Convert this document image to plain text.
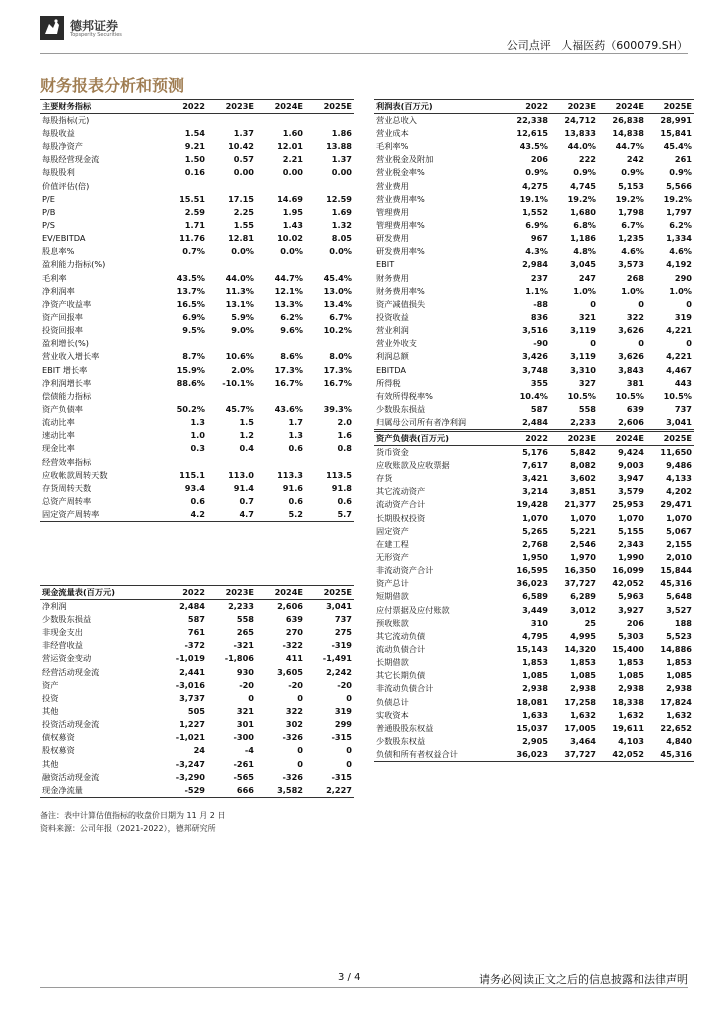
德邦证券
Topsperity Securities
公司点评 人福医药（600079.SH）
财务报表分析和预测
主要财务指标	2022	2023E	2024E	2025E
每股指标(元)				
每股收益	1.54	1.37	1.60	1.86
每股净资产	9.21	10.42	12.01	13.88
每股经营现金流	1.50	0.57	2.21	1.37
每股股利	0.16	0.00	0.00	0.00
价值评估(倍)				
P/E	15.51	17.15	14.69	12.59
P/B	2.59	2.25	1.95	1.69
P/S	1.71	1.55	1.43	1.32
EV/EBITDA	11.76	12.81	10.02	8.05
股息率%	0.7%	0.0%	0.0%	0.0%
盈利能力指标(%)				
毛利率	43.5%	44.0%	44.7%	45.4%
净利润率	13.7%	11.3%	12.1%	13.0%
净资产收益率	16.5%	13.1%	13.3%	13.4%
资产回报率	6.9%	5.9%	6.2%	6.7%
投资回报率	9.5%	9.0%	9.6%	10.2%
盈利增长(%)				
营业收入增长率	8.7%	10.6%	8.6%	8.0%
EBIT 增长率	15.9%	2.0%	17.3%	17.3%
净利润增长率	88.6%	-10.1%	16.7%	16.7%
偿债能力指标				
资产负债率	50.2%	45.7%	43.6%	39.3%
流动比率	1.3	1.5	1.7	2.0
速动比率	1.0	1.2	1.3	1.6
现金比率	0.3	0.4	0.6	0.8
经营效率指标				
应收帐款周转天数	115.1	113.0	113.3	113.5
存货周转天数	93.4	91.4	91.6	91.8
总资产周转率	0.6	0.7	0.6	0.6
固定资产周转率	4.2	4.7	5.2	5.7
利润表(百万元)	2022	2023E	2024E	2025E
营业总收入	22,338	24,712	26,838	28,991
营业成本	12,615	13,833	14,838	15,841
毛利率%	43.5%	44.0%	44.7%	45.4%
营业税金及附加	206	222	242	261
营业税金率%	0.9%	0.9%	0.9%	0.9%
营业费用	4,275	4,745	5,153	5,566
营业费用率%	19.1%	19.2%	19.2%	19.2%
管理费用	1,552	1,680	1,798	1,797
管理费用率%	6.9%	6.8%	6.7%	6.2%
研发费用	967	1,186	1,235	1,334
研发费用率%	4.3%	4.8%	4.6%	4.6%
EBIT	2,984	3,045	3,573	4,192
财务费用	237	247	268	290
财务费用率%	1.1%	1.0%	1.0%	1.0%
资产减值损失	-88	0	0	0
投资收益	836	321	322	319
营业利润	3,516	3,119	3,626	4,221
营业外收支	-90	0	0	0
利润总额	3,426	3,119	3,626	4,221
EBITDA	3,748	3,310	3,843	4,467
所得税	355	327	381	443
有效所得税率%	10.4%	10.5%	10.5%	10.5%
少数股东损益	587	558	639	737
归属母公司所有者净利润	2,484	2,233	2,606	3,041
资产负债表(百万元)	2022	2023E	2024E	2025E
货币资金	5,176	5,842	9,424	11,650
应收账款及应收票据	7,617	8,082	9,003	9,486
存货	3,421	3,602	3,947	4,133
其它流动资产	3,214	3,851	3,579	4,202
流动资产合计	19,428	21,377	25,953	29,471
长期股权投资	1,070	1,070	1,070	1,070
固定资产	5,265	5,221	5,155	5,067
在建工程	2,768	2,546	2,343	2,155
无形资产	1,950	1,970	1,990	2,010
非流动资产合计	16,595	16,350	16,099	15,844
资产总计	36,023	37,727	42,052	45,316
短期借款	6,589	6,289	5,963	5,648
应付票据及应付账款	3,449	3,012	3,927	3,527
预收账款	310	25	206	188
其它流动负债	4,795	4,995	5,303	5,523
流动负债合计	15,143	14,320	15,400	14,886
长期借款	1,853	1,853	1,853	1,853
其它长期负债	1,085	1,085	1,085	1,085
非流动负债合计	2,938	2,938	2,938	2,938
负债总计	18,081	17,258	18,338	17,824
实收资本	1,633	1,632	1,632	1,632
普通股股东权益	15,037	17,005	19,611	22,652
少数股东权益	2,905	3,464	4,103	4,840
负债和所有者权益合计	36,023	37,727	42,052	45,316
现金流量表(百万元)	2022	2023E	2024E	2025E
净利润	2,484	2,233	2,606	3,041
少数股东损益	587	558	639	737
非现金支出	761	265	270	275
非经营收益	-372	-321	-322	-319
营运资金变动	-1,019	-1,806	411	-1,491
经营活动现金流	2,441	930	3,605	2,242
资产	-3,016	-20	-20	-20
投资	3,737	0	0	0
其他	505	321	322	319
投资活动现金流	1,227	301	302	299
债权募资	-1,021	-300	-326	-315
股权募资	24	-4	0	0
其他	-3,247	-261	0	0
融资活动现金流	-3,290	-565	-326	-315
现金净流量	-529	666	3,582	2,227
备注：表中计算估值指标的收盘价日期为 11 月 2 日
资料来源：公司年报（2021-2022），德邦研究所
3 / 4	请务必阅读正文之后的信息披露和法律声明
